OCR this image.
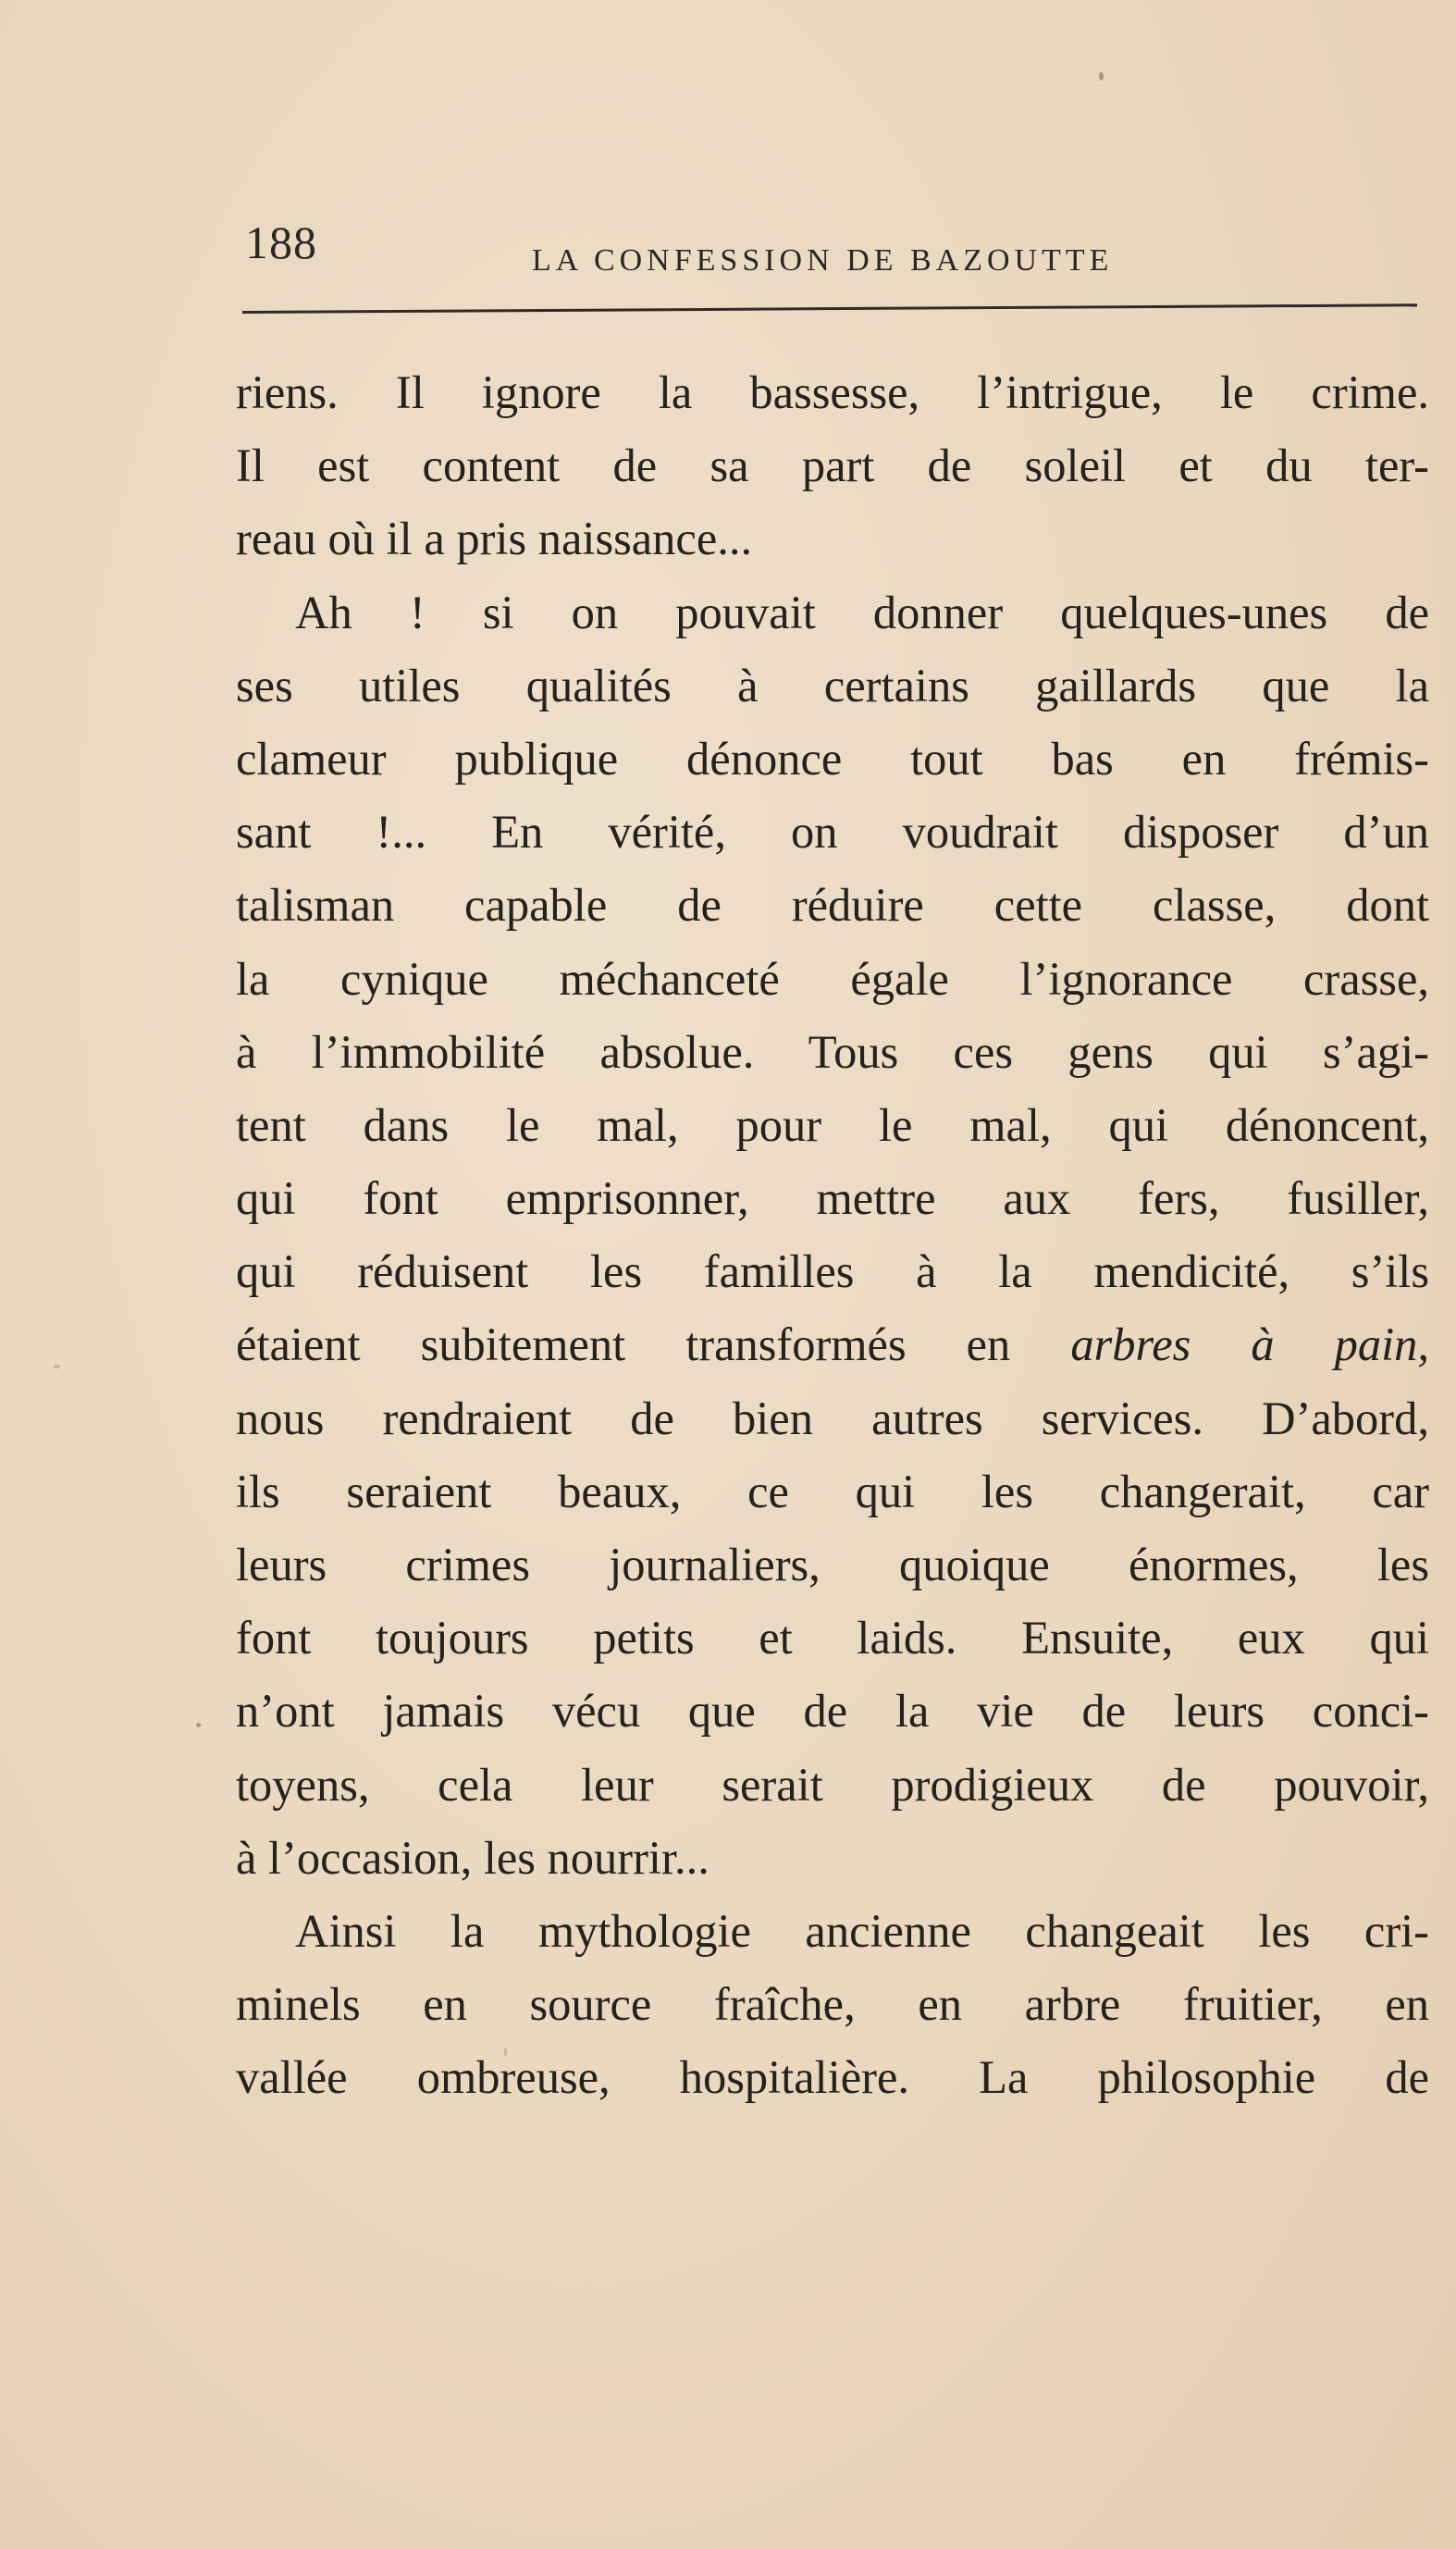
188	LA CONFESSION DE BAZOUTTE
riens. Il ignore la bassesse, l’intrigue, le crime.
Il est content de sa part de soleil et du ter-
reau où il a pris naissance...
Ah ! si on pouvait donner quelques-unes de
ses utiles qualités à certains gaillards que la
clameur publique dénonce tout bas en frémis-
sant !... En vérité, on voudrait disposer d’un
talisman capable de réduire cette classe, dont
la cynique méchanceté égale l’ignorance crasse,
à l’immobilité absolue. Tous ces gens qui s’agi-
tent dans le mal, pour le mal, qui dénoncent,
qui font emprisonner, mettre aux fers, fusiller,
qui réduisent les familles à la mendicité, s’ils
étaient subitement transformés en arbres à pain,
nous rendraient de bien autres services. D’abord,
ils seraient beaux, ce qui les changerait, car
leurs crimes journaliers, quoique énormes, les
font toujours petits et laids. Ensuite, eux qui
n’ont jamais vécu que de la vie de leurs conci-
toyens, cela leur serait prodigieux de pouvoir,
à l’occasion, les nourrir...
Ainsi la mythologie ancienne changeait les cri-
minels en source fraîche, en arbre fruitier, en
vallée ombreuse, hospitalière. La philosophie de
